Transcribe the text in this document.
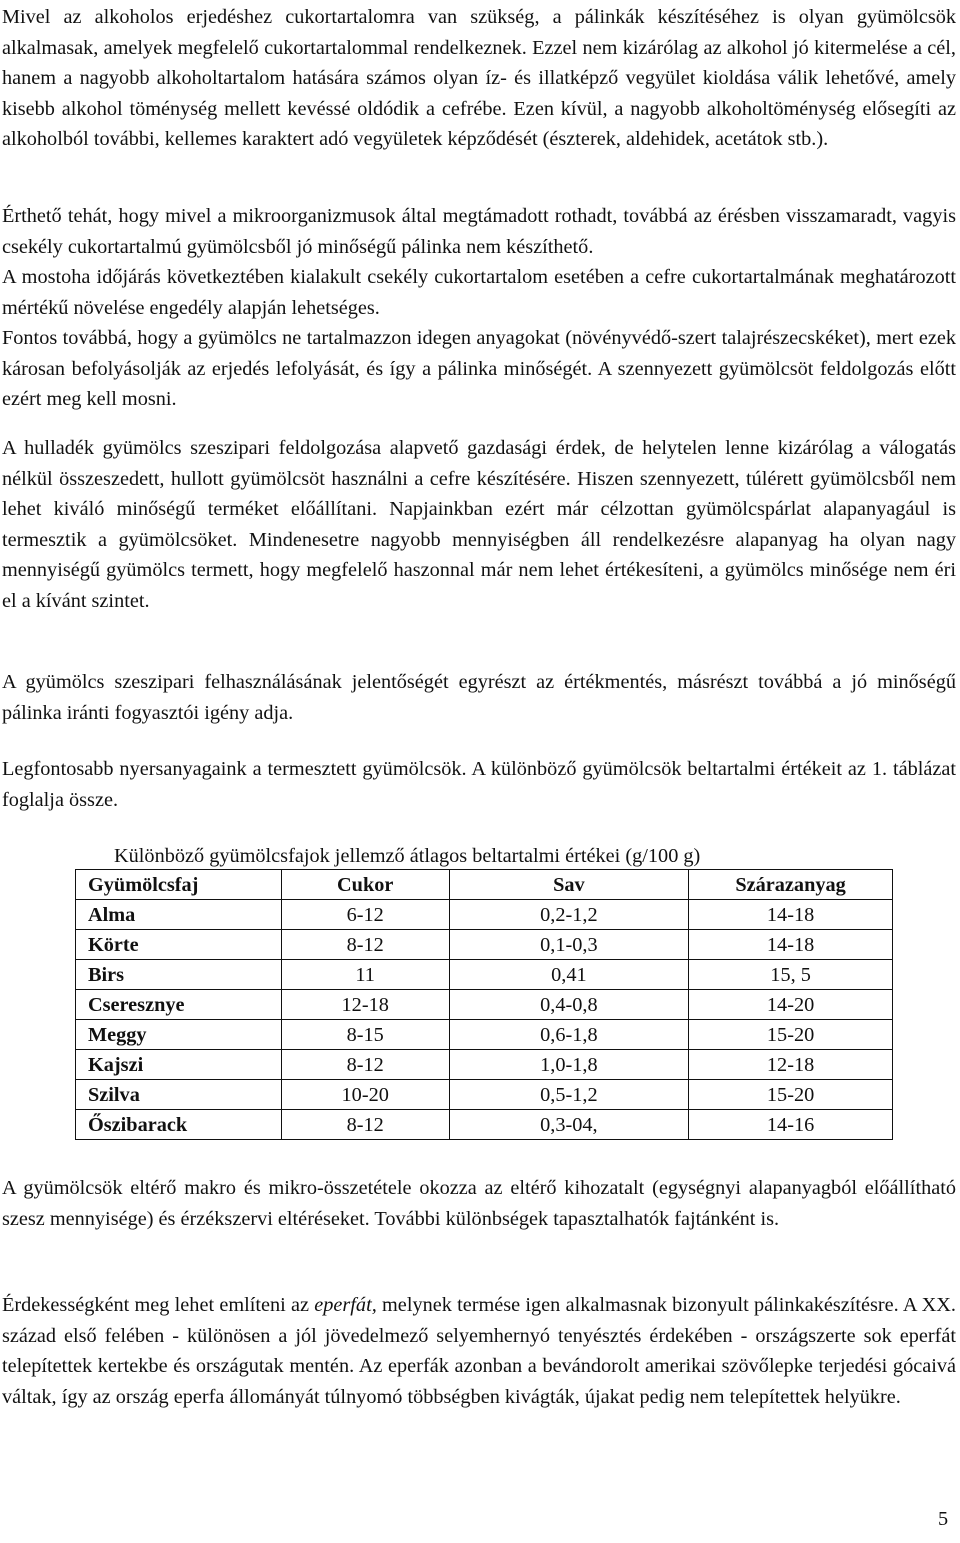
Mivel az alkoholos erjedéshez cukortartalomra van szükség, a pálinkák készítéséhez is olyan gyümölcsök alkalmasak, amelyek megfelelő cukortartalommal rendelkeznek. Ezzel nem kizárólag az alkohol jó kitermelése a cél, hanem a nagyobb alkoholtartalom hatására számos olyan íz- és illatképző vegyület kioldása válik lehetővé, amely kisebb alkohol töménység mellett kevéssé oldódik a cefrébe. Ezen kívül, a nagyobb alkoholtöménység elősegíti az alkoholból további, kellemes karaktert adó vegyületek képződését (észterek, aldehidek, acetátok stb.).

Érthető tehát, hogy mivel a mikroorganizmusok által megtámadott rothadt, továbbá az érésben visszamaradt, vagyis csekély cukortartalmú gyümölcsből jó minőségű pálinka nem készíthető.

A mostoha időjárás következtében kialakult csekély cukortartalom esetében a cefre cukortartalmának meghatározott mértékű növelése engedély alapján lehetséges.

Fontos továbbá, hogy a gyümölcs ne tartalmazzon idegen anyagokat (növényvédő-szert talajrészecskéket), mert ezek károsan befolyásolják az erjedés lefolyását, és így a pálinka minőségét. A szennyezett gyümölcsöt feldolgozás előtt ezért meg kell mosni.

A hulladék gyümölcs szeszipari feldolgozása alapvető gazdasági érdek, de helytelen lenne kizárólag a válogatás nélkül összeszedett, hullott gyümölcsöt használni a cefre készítésére. Hiszen szennyezett, túlérett gyümölcsből nem lehet kiváló minőségű terméket előállítani. Napjainkban ezért már célzottan gyümölcspárlat alapanyagául is termesztik a gyümölcsöket. Mindenesetre nagyobb mennyiségben áll rendelkezésre alapanyag ha olyan nagy mennyiségű gyümölcs termett, hogy megfelelő haszonnal már nem lehet értékesíteni, a gyümölcs minősége nem éri el a kívánt szintet.

A gyümölcs szeszipari felhasználásának jelentőségét egyrészt az értékmentés, másrészt továbbá a jó minőségű pálinka iránti fogyasztói igény adja.

Legfontosabb nyersanyagaink a termesztett gyümölcsök. A különböző gyümölcsök beltartalmi értékeit az 1. táblázat foglalja össze.

Különböző gyümölcsfajok jellemző átlagos beltartalmi értékei (g/100 g)

Gyümölcsfaj	Cukor	Sav	Szárazanyag
Alma	6-12	0,2-1,2	14-18
Körte	8-12	0,1-0,3	14-18
Birs	11	0,41	15, 5
Cseresznye	12-18	0,4-0,8	14-20
Meggy	8-15	0,6-1,8	15-20
Kajszi	8-12	1,0-1,8	12-18
Szilva	10-20	0,5-1,2	15-20
Őszibarack	8-12	0,3-04,	14-16

A gyümölcsök eltérő makro és mikro-összetétele okozza az eltérő kihozatalt (egységnyi alapanyagból előállítható szesz mennyisége) és érzékszervi eltéréseket. További különbségek tapasztalhatók fajtánként is.

Érdekességként meg lehet említeni az eperfát, melynek termése igen alkalmasnak bizonyult pálinkakészítésre. A XX. század első felében - különösen a jól jövedelmező selyemhernyó tenyésztés érdekében - országszerte sok eperfát telepítettek kertekbe és országutak mentén. Az eperfák azonban a bevándorolt amerikai szövőlepke terjedési gócaivá váltak, így az ország eperfa állományát túlnyomó többségben kivágták, újakat pedig nem telepítettek helyükre.

5
